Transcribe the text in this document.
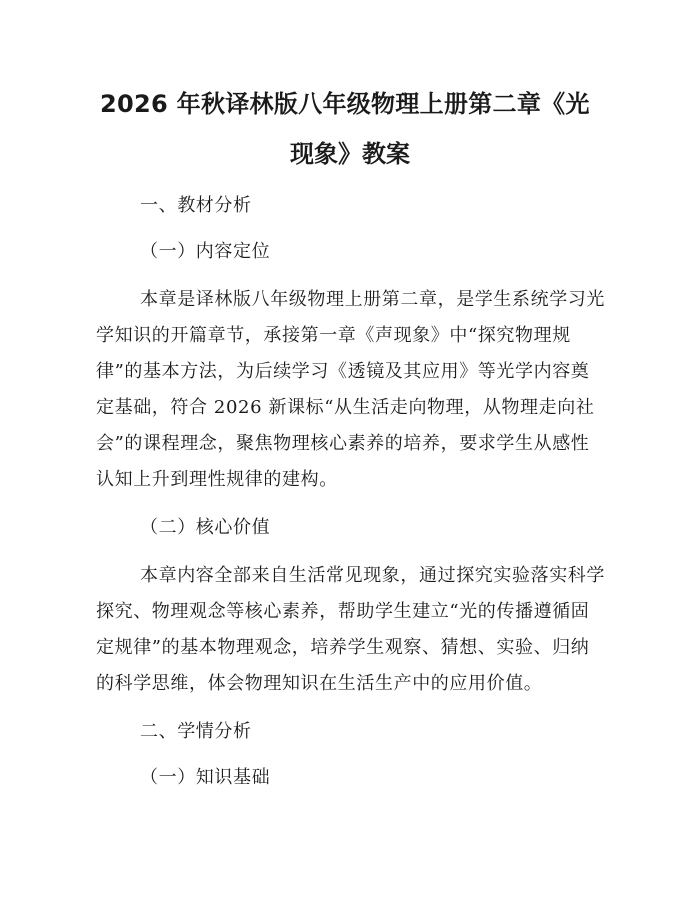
2026 年秋译林版八年级物理上册第二章《光
现象》教案
一、教材分析
（一）内容定位
本章是译林版八年级物理上册第二章，是学生系统学习光
学知识的开篇章节，承接第一章《声现象》中“探究物理规
律”的基本方法，为后续学习《透镜及其应用》等光学内容奠
定基础，符合 2026 新课标“从生活走向物理，从物理走向社
会”的课程理念，聚焦物理核心素养的培养，要求学生从感性
认知上升到理性规律的建构。
（二）核心价值
本章内容全部来自生活常见现象，通过探究实验落实科学
探究、物理观念等核心素养，帮助学生建立“光的传播遵循固
定规律”的基本物理观念，培养学生观察、猜想、实验、归纳
的科学思维，体会物理知识在生活生产中的应用价值。
二、学情分析
（一）知识基础
